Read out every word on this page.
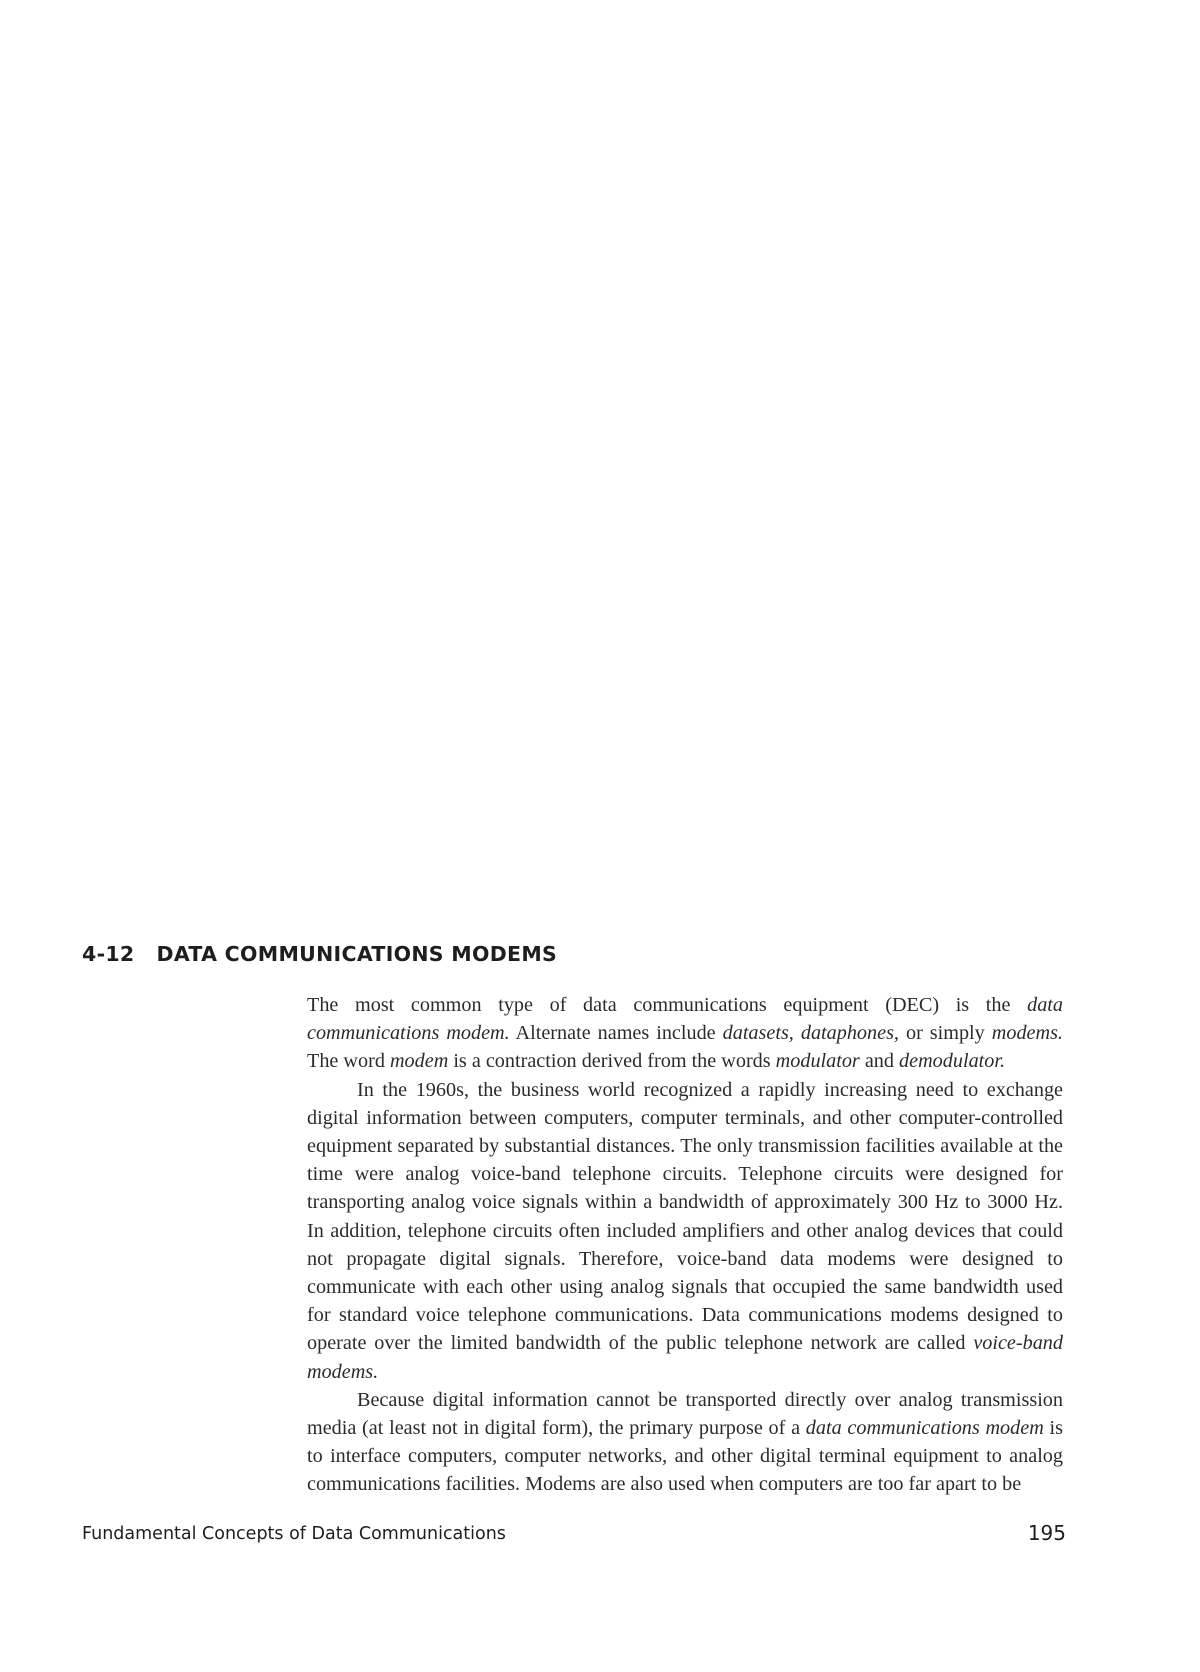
4-12 DATA COMMUNICATIONS MODEMS

The most common type of data communications equipment (DEC) is the data communications modem. Alternate names include datasets, dataphones, or simply modems. The word modem is a contraction derived from the words modulator and demodulator.

In the 1960s, the business world recognized a rapidly increasing need to exchange digital information between computers, computer terminals, and other computer-controlled equipment separated by substantial distances. The only transmission facilities available at the time were analog voice-band telephone circuits. Telephone circuits were designed for transporting analog voice signals within a bandwidth of approximately 300 Hz to 3000 Hz. In addition, telephone circuits often included amplifiers and other analog devices that could not propagate digital signals. Therefore, voice-band data modems were designed to communicate with each other using analog signals that occupied the same bandwidth used for standard voice telephone communications. Data communications modems designed to operate over the limited bandwidth of the public telephone network are called voice-band modems.

Because digital information cannot be transported directly over analog transmission media (at least not in digital form), the primary purpose of a data communications modem is to interface computers, computer networks, and other digital terminal equipment to analog communications facilities. Modems are also used when computers are too far apart to be

Fundamental Concepts of Data Communications	195
